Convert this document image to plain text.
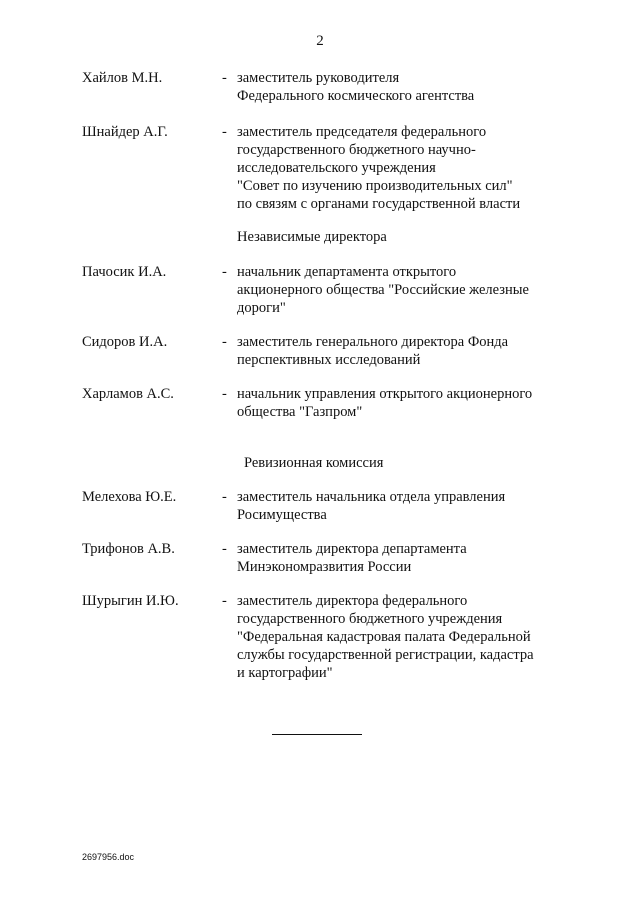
2
Хайлов М.Н.	- заместитель руководителя
Федерального космического агентства
Шнайдер А.Г.	- заместитель председателя федерального
государственного бюджетного научно-
исследовательского учреждения
"Совет по изучению производительных сил"
по связям с органами государственной власти
Независимые директора
Пачосик И.А.	- начальник департамента открытого
акционерного общества "Российские железные
дороги"
Сидоров И.А.	- заместитель генерального директора Фонда
перспективных исследований
Харламов А.С.	- начальник управления открытого акционерного
общества "Газпром"
Ревизионная комиссия
Мелехова Ю.Е.	- заместитель начальника отдела управления
Росимущества
Трифонов А.В.	- заместитель директора департамента
Минэкономразвития России
Шурыгин И.Ю.	- заместитель директора федерального
государственного бюджетного учреждения
"Федеральная кадастровая палата Федеральной
службы государственной регистрации, кадастра
и картографии"
2697956.doc
